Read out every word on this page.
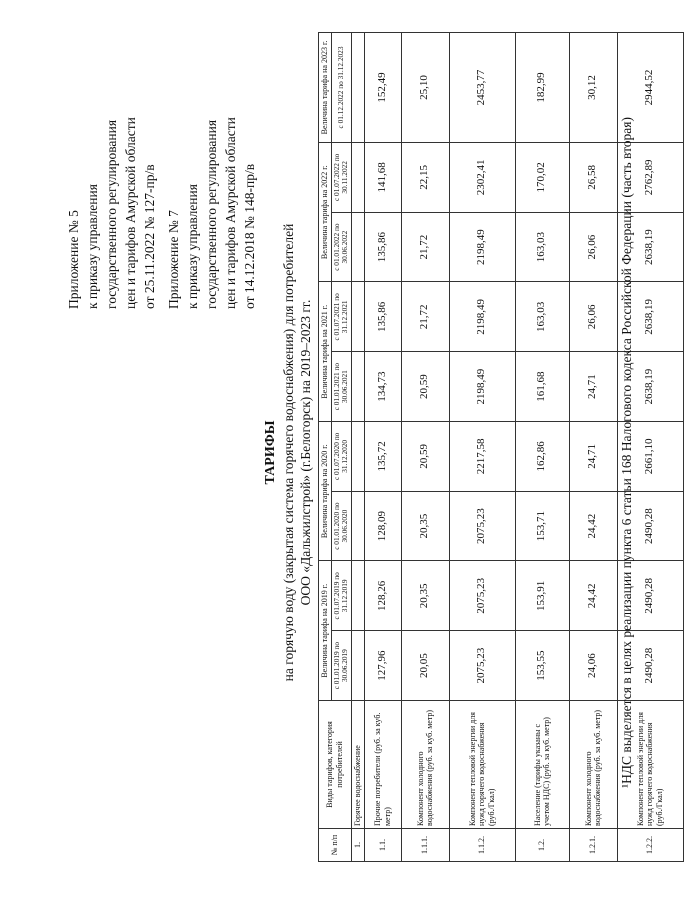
Приложение № 5 к приказу управления государственного регулирования цен и тарифов Амурской области от 25.11.2022 № 127-пр/в Приложение № 7 к приказу управления государственного регулирования цен и тарифов Амурской области от 14.12.2018 № 148-пр/в

ТАРИФЫ на горячую воду (закрытая система горячего водоснабжения) для потребителей ООО «Дальжилстрой» (г.Белогорск) на 2019–2023 гг.
№ п/п	Виды тарифов, категория потребителей	Величина тарифа на 2019 г.		Величина тарифа на 2020 г.		Величина тарифа на 2021 г.		Величина тарифа на 2022 г.		Величина тарифа на 2023 г.
		с 01.01.2019 по 30.06.2019	с 01.07.2019 по 31.12.2019	с 01.01.2020 по 30.06.2020	с 01.07.2020 по 31.12.2020	с 01.01.2021 по 30.06.2021	с 01.07.2021 по 31.12.2021	с 01.01.2022 по 30.06.2022	с 01.07.2022 по 30.11.2022	с 01.12.2022 по 31.12.2023
1.	Горячее водоснабжение									
1.1.	Прочие потребители (руб. за куб. метр)	127,96	128,26	128,09	135,72	134,73	135,86	135,86	141,68	152,49
1.1.1.	Компонент холодного водоснабжения (руб. за куб. метр)	20,05	20,35	20,35	20,59	20,59	21,72	21,72	22,15	25,10
1.1.2.	Компонент тепловой энергии для нужд горячего водоснабжения (руб./Гкал)	2075,23	2075,23	2075,23	2217,58	2198,49	2198,49	2198,49	2302,41	2453,77
1.2.	Население (тарифы указаны с учетом НДС) (руб. за куб. метр)	153,55	153,91	153,71	162,86	161,68	163,03	163,03	170,02	182,99
1.2.1.	Компонент холодного водоснабжения (руб. за куб. метр)	24,06	24,42	24,42	24,71	24,71	26,06	26,06	26,58	30,12
1.2.2.	Компонент тепловой энергии для нужд горячего водоснабжения (руб./Гкал)	2490,28	2490,28	2490,28	2661,10	2638,19	2638,19	2638,19	2762,89	2944,52
¹НДС выделяется в целях реализации пункта 6 статьи 168 Налогового кодекса Российской Федерации (часть вторая)
